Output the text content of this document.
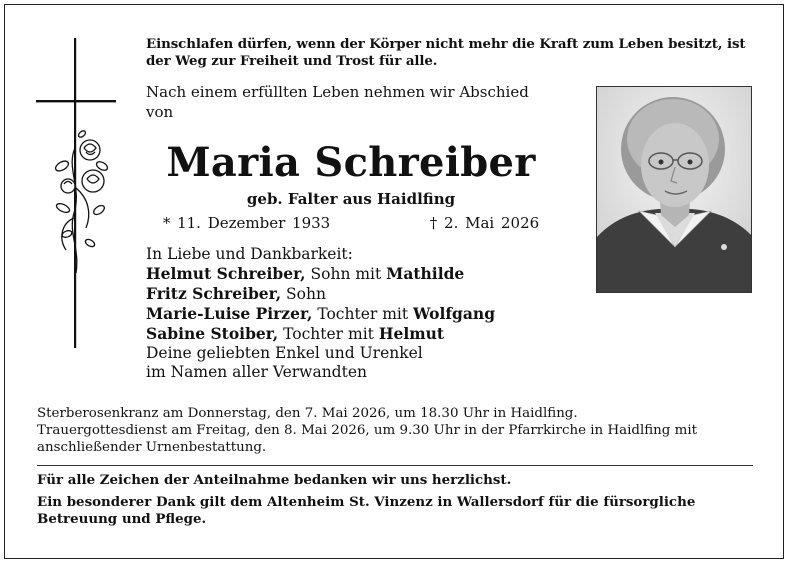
Einschlafen dürfen, wenn der Körper nicht mehr die Kraft zum Leben besitzt, ist der Weg zur Freiheit und Trost für alle.
Nach einem erfüllten Leben nehmen wir Abschied
von
Maria Schreiber
geb. Falter aus Haidlfing
* 11. Dezember 1933	† 2. Mai 2026
In Liebe und Dankbarkeit:
Helmut Schreiber, Sohn mit Mathilde
Fritz Schreiber, Sohn
Marie-Luise Pirzer, Tochter mit Wolfgang
Sabine Stoiber, Tochter mit Helmut
Deine geliebten Enkel und Urenkel
im Namen aller Verwandten
Sterberosenkranz am Donnerstag, den 7. Mai 2026, um 18.30 Uhr in Haidlfing.
Trauergottesdienst am Freitag, den 8. Mai 2026, um 9.30 Uhr in der Pfarrkirche in Haidlfing mit anschließender Urnenbestattung.

Für alle Zeichen der Anteilnahme bedanken wir uns herzlichst.

Ein besonderer Dank gilt dem Altenheim St. Vinzenz in Wallersdorf für die fürsorgliche Betreuung und Pflege.
